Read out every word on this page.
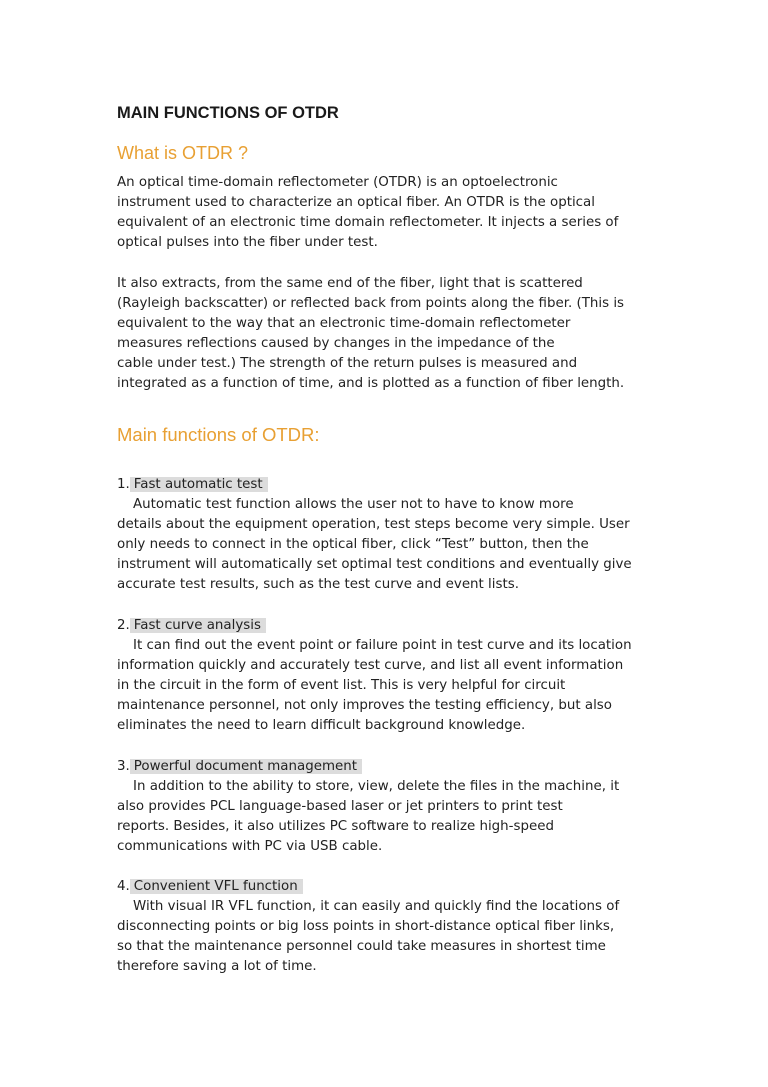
MAIN FUNCTIONS OF OTDR
What is OTDR ?
An optical time-domain reflectometer (OTDR) is an optoelectronic
instrument used to characterize an optical fiber. An OTDR is the optical
equivalent of an electronic time domain reflectometer. It injects a series of
optical pulses into the fiber under test.
It also extracts, from the same end of the fiber, light that is scattered
(Rayleigh backscatter) or reflected back from points along the fiber. (This is
equivalent to the way that an electronic time-domain reflectometer
measures reflections caused by changes in the impedance of the
cable under test.) The strength of the return pulses is measured and
integrated as a function of time, and is plotted as a function of fiber length.
Main functions of OTDR:
1. Fast automatic test
Automatic test function allows the user not to have to know more
details about the equipment operation, test steps become very simple. User
only needs to connect in the optical fiber, click “Test” button, then the
instrument will automatically set optimal test conditions and eventually give
accurate test results, such as the test curve and event lists.
2. Fast curve analysis
It can find out the event point or failure point in test curve and its location
information quickly and accurately test curve, and list all event information
in the circuit in the form of event list. This is very helpful for circuit
maintenance personnel, not only improves the testing efficiency, but also
eliminates the need to learn difficult background knowledge.
3. Powerful document management
In addition to the ability to store, view, delete the files in the machine, it
also provides PCL language-based laser or jet printers to print test
reports. Besides, it also utilizes PC software to realize high-speed
communications with PC via USB cable.
4. Convenient VFL function
With visual IR VFL function, it can easily and quickly find the locations of
disconnecting points or big loss points in short-distance optical fiber links,
so that the maintenance personnel could take measures in shortest time
therefore saving a lot of time.
